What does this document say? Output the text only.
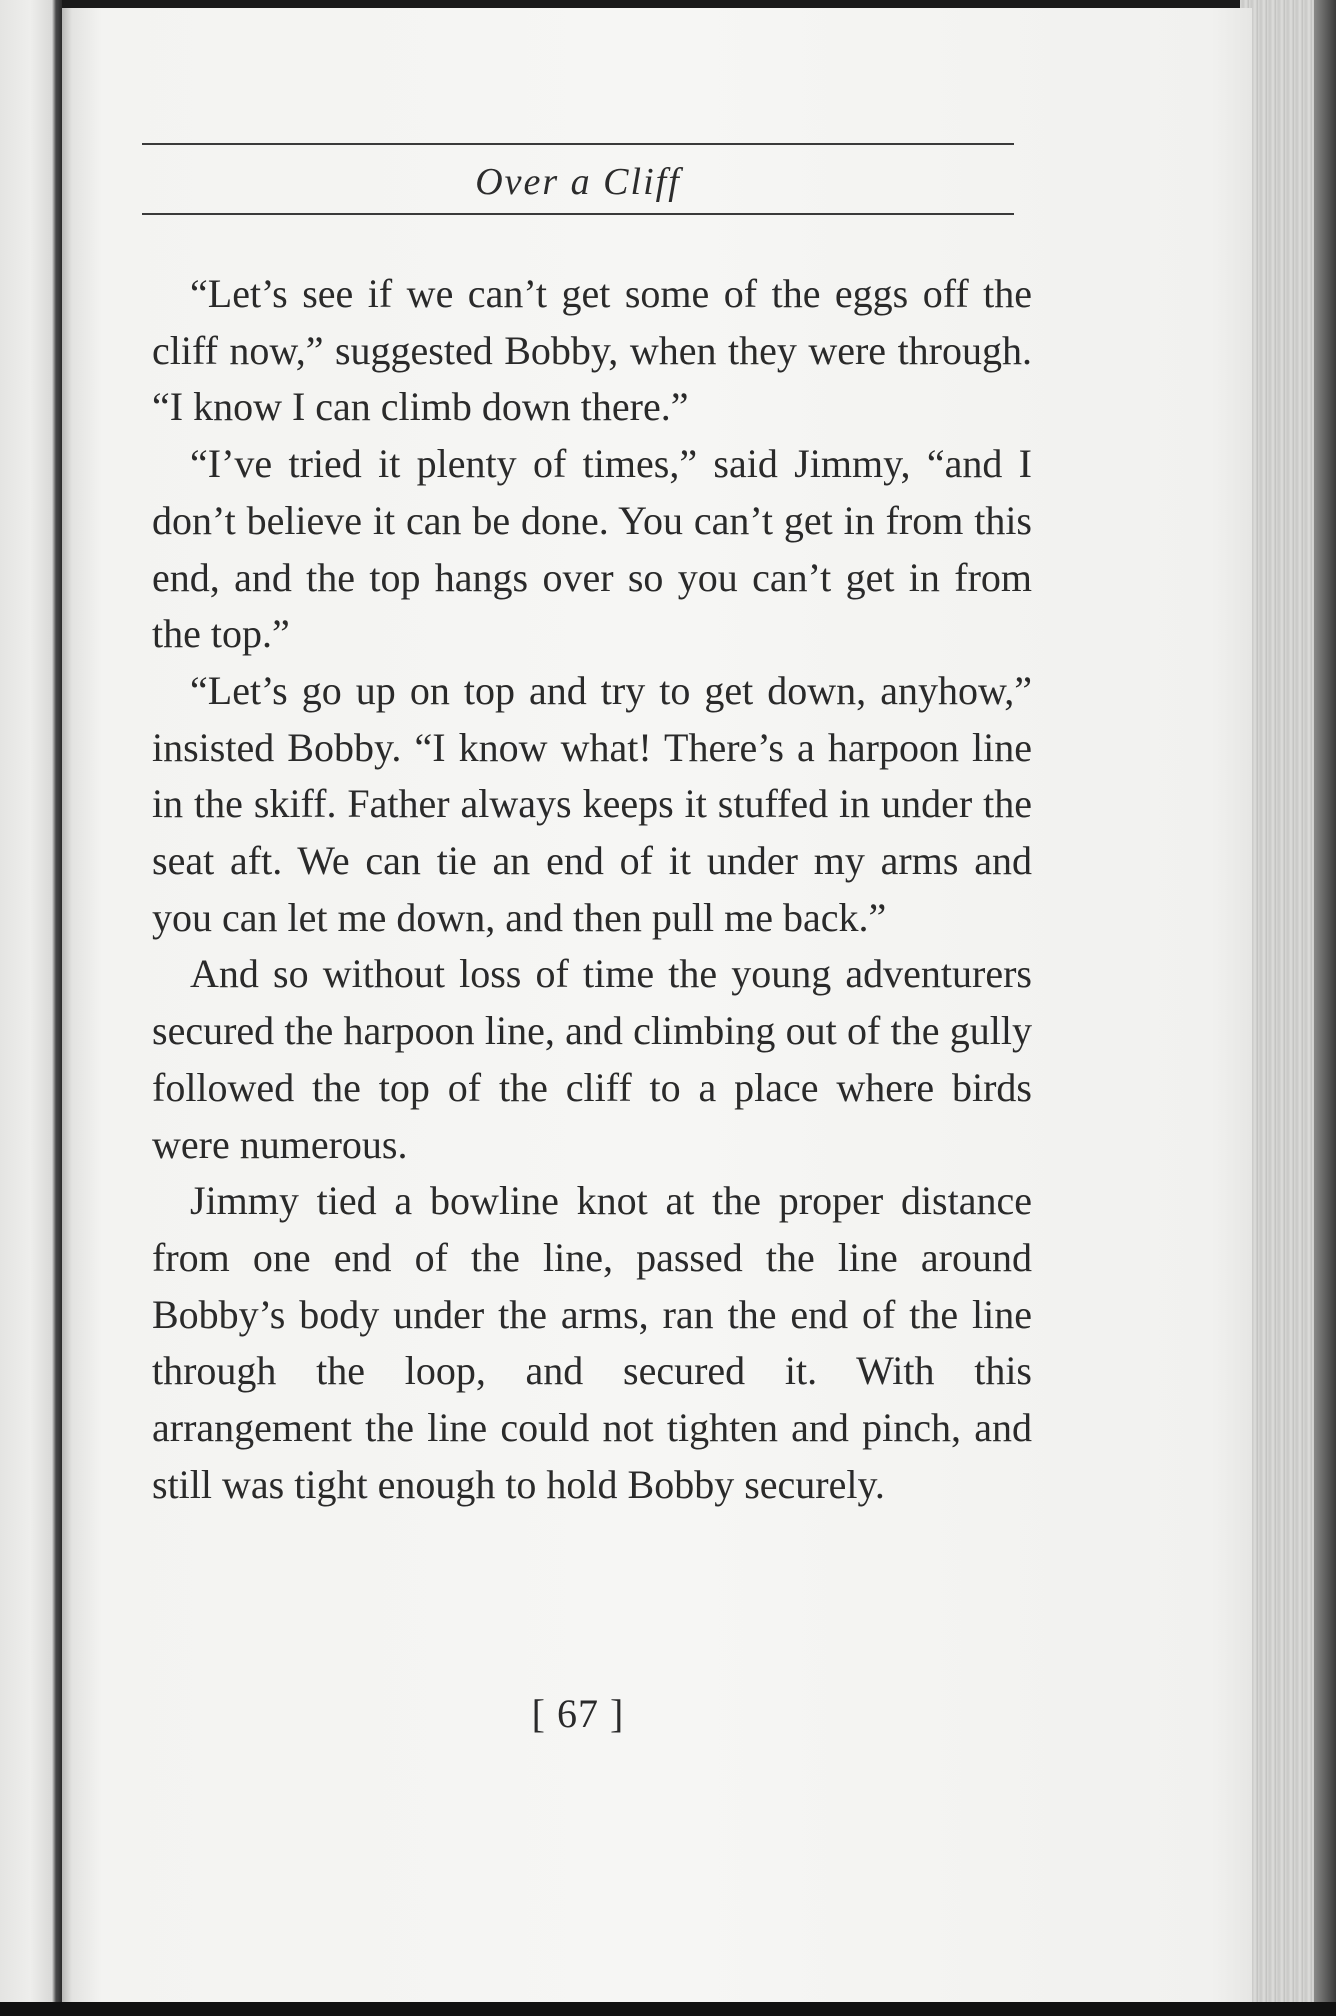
Over a Cliff

“Let’s see if we can’t get some of the eggs off the cliff now,” suggested Bobby, when they were through. “I know I can climb down there.”

“I’ve tried it plenty of times,” said Jimmy, “and I don’t believe it can be done. You can’t get in from this end, and the top hangs over so you can’t get in from the top.”

“Let’s go up on top and try to get down, anyhow,” insisted Bobby. “I know what! There’s a harpoon line in the skiff. Father always keeps it stuffed in under the seat aft. We can tie an end of it under my arms and you can let me down, and then pull me back.”

And so without loss of time the young adventurers secured the harpoon line, and climbing out of the gully followed the top of the cliff to a place where birds were numerous.

Jimmy tied a bowline knot at the proper distance from one end of the line, passed the line around Bobby’s body under the arms, ran the end of the line through the loop, and secured it. With this arrangement the line could not tighten and pinch, and still was tight enough to hold Bobby securely.

[ 67 ]
